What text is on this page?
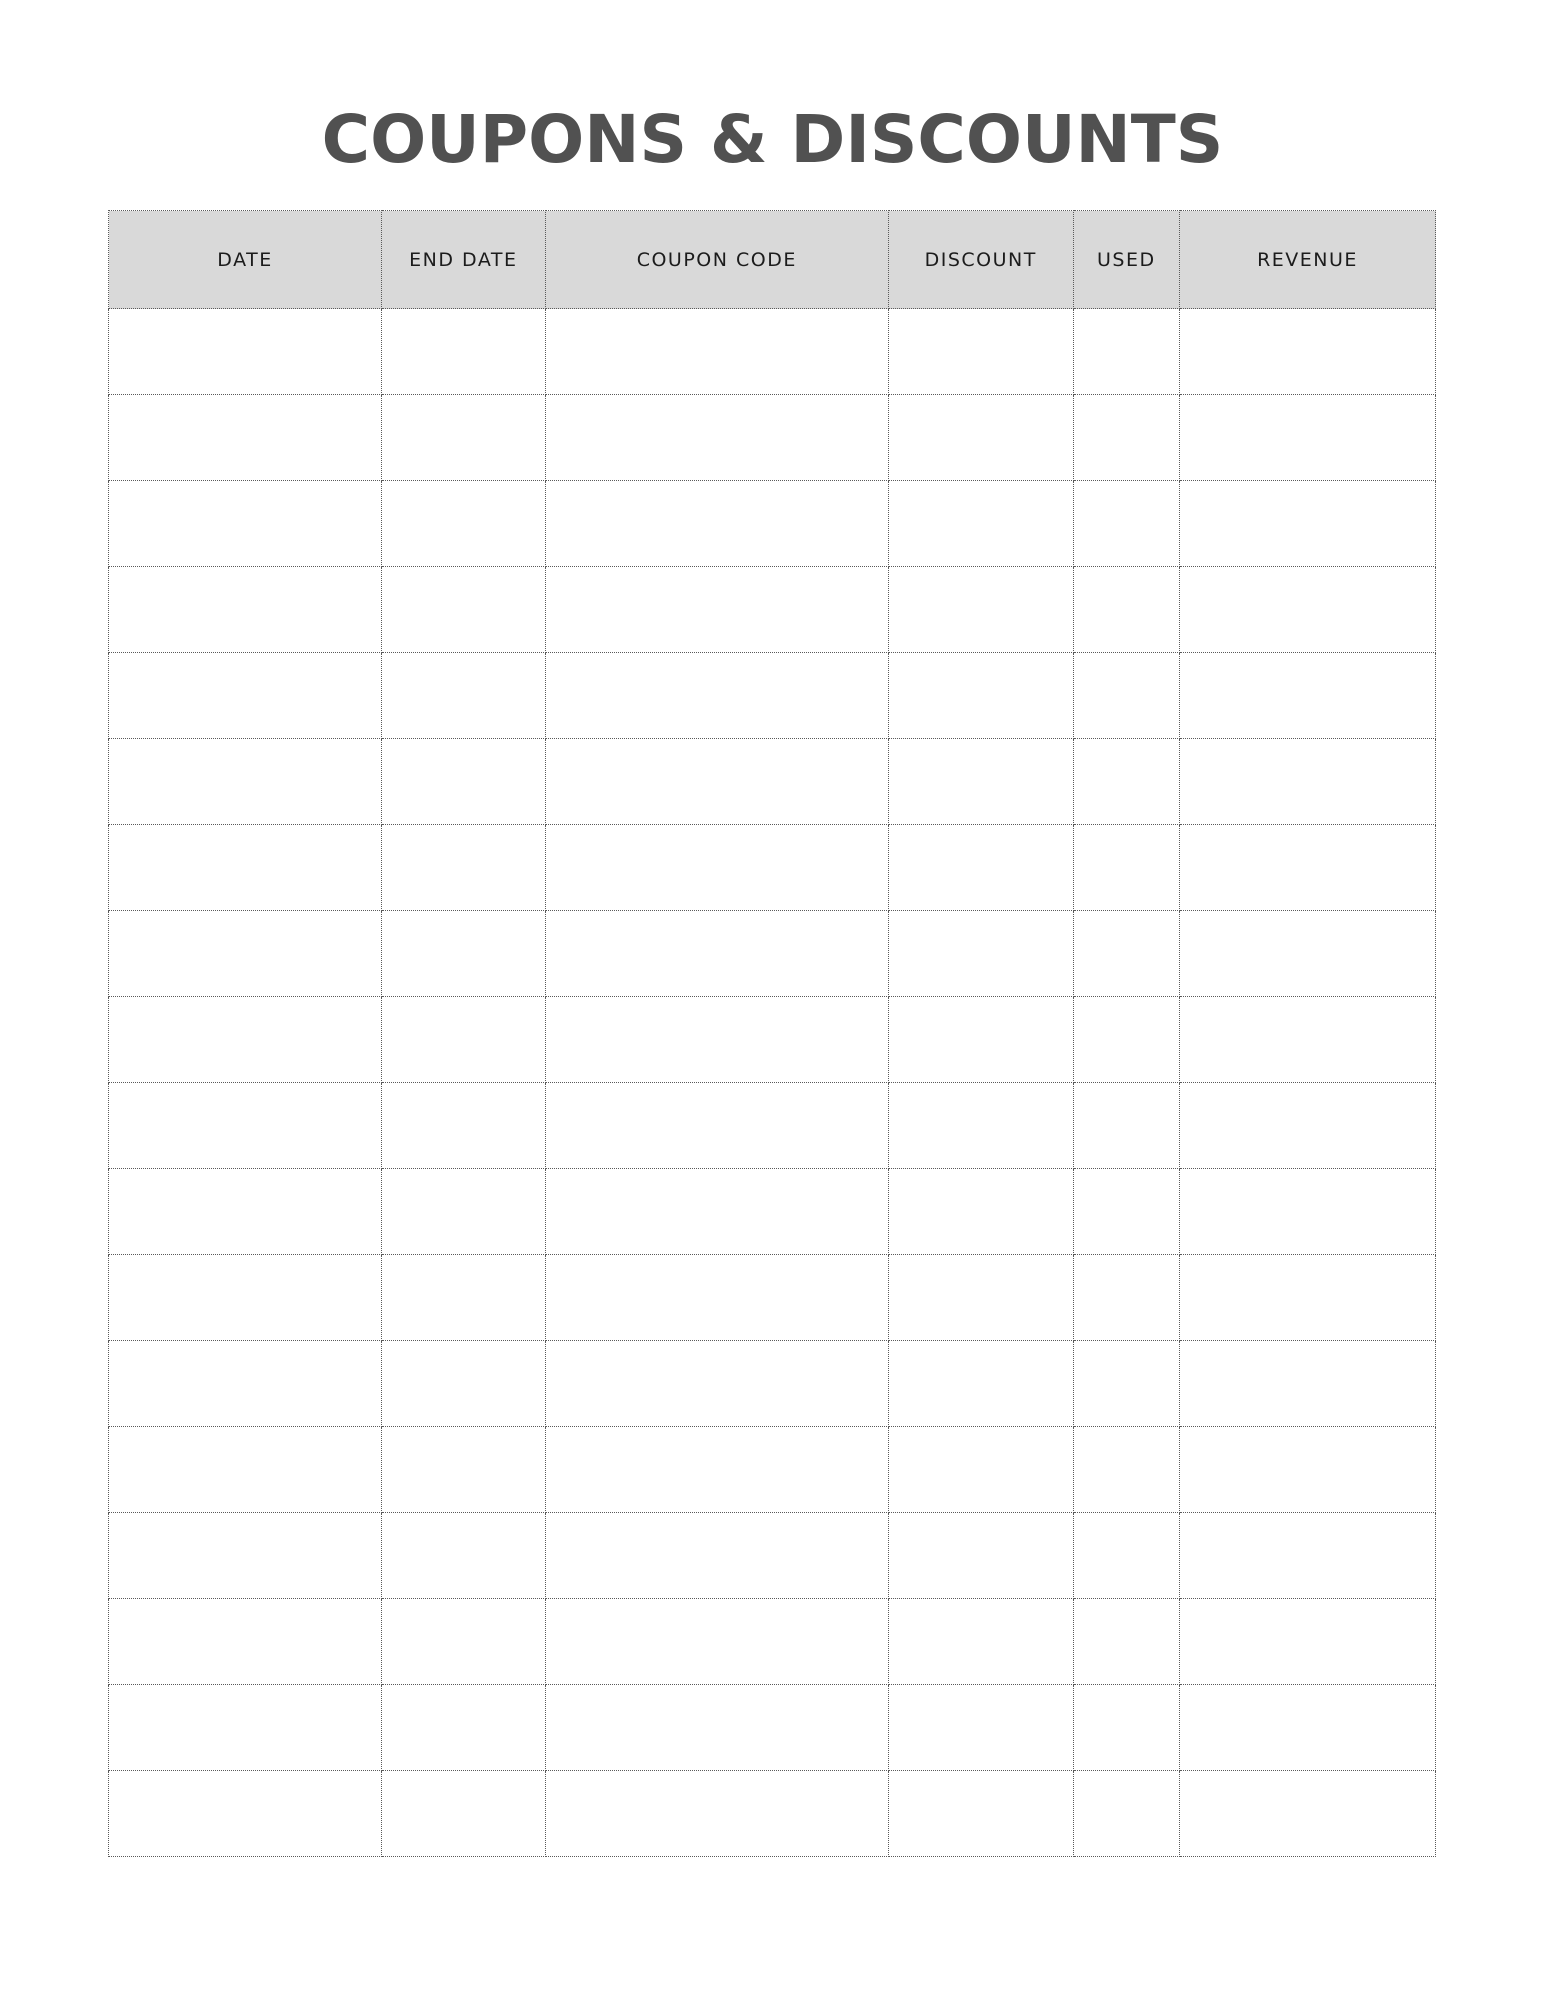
COUPONS & DISCOUNTS
DATE	END DATE	COUPON CODE	DISCOUNT	USED	REVENUE
